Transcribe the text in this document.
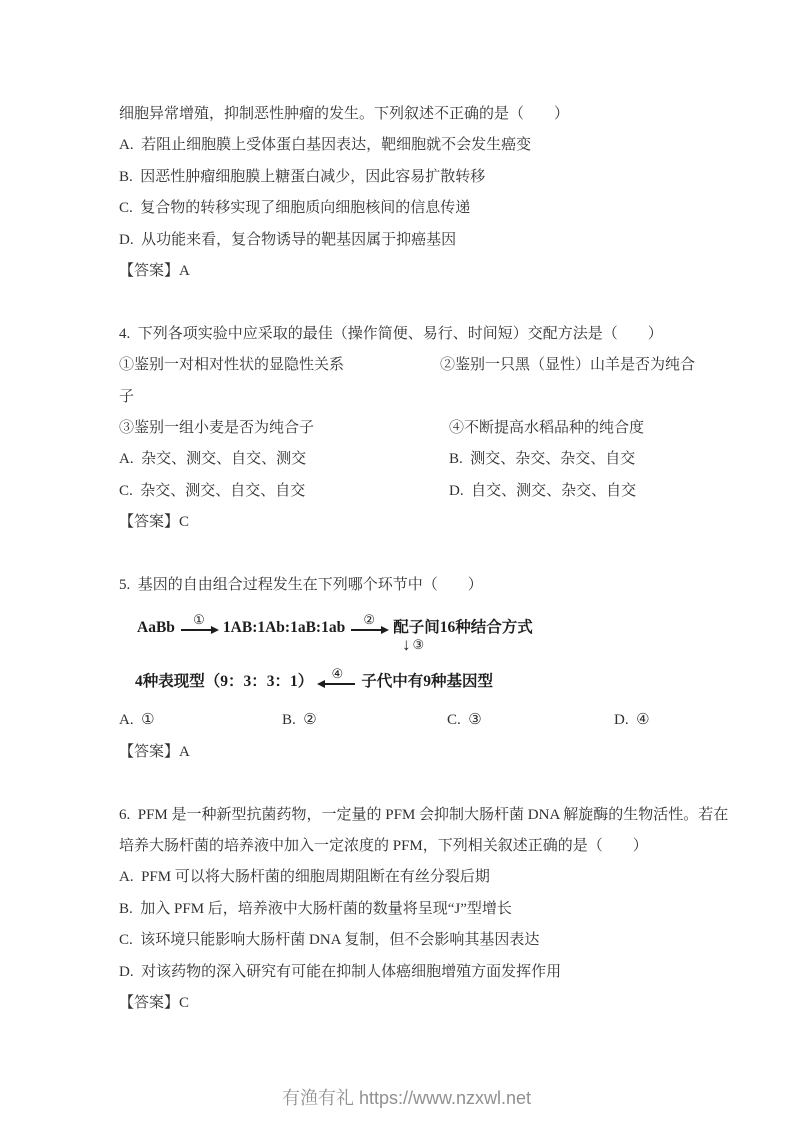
细胞异常增殖，抑制恶性肿瘤的发生。下列叙述不正确的是（　　）

A.  若阻止细胞膜上受体蛋白基因表达，靶细胞就不会发生癌变

B.  因恶性肿瘤细胞膜上糖蛋白减少，因此容易扩散转移

C.  复合物的转移实现了细胞质向细胞核间的信息传递

D.  从功能来看，复合物诱导的靶基因属于抑癌基因

【答案】A

4.  下列各项实验中应采取的最佳（操作简便、易行、时间短）交配方法是（　　）

①鉴别一对相对性状的显隐性关系	②鉴别一只黑（显性）山羊是否为纯合

子

③鉴别一组小麦是否为纯合子	④不断提高水稻品种的纯合度
A.  杂交、测交、自交、测交	B.  测交、杂交、杂交、自交
C.  杂交、测交、自交、自交	D.  自交、测交、杂交、自交

【答案】C

5.  基因的自由组合过程发生在下列哪个环节中（　　）

AaBb ① 1AB:1Ab:1aB:1ab ② 配子间16种结合方式
↓ ③
4种表现型（9：3：3：1） ④ 子代中有9种基因型
A.  ①	B.  ②	C.  ③	D.  ④

【答案】A

6.  PFM 是一种新型抗菌药物，一定量的 PFM 会抑制大肠杆菌 DNA 解旋酶的生物活性。若在

培养大肠杆菌的培养液中加入一定浓度的 PFM，下列相关叙述正确的是（　　）

A.  PFM 可以将大肠杆菌的细胞周期阻断在有丝分裂后期

B.  加入 PFM 后，培养液中大肠杆菌的数量将呈现“J”型增长

C.  该环境只能影响大肠杆菌 DNA 复制，但不会影响其基因表达

D.  对该药物的深入研究有可能在抑制人体癌细胞增殖方面发挥作用

【答案】C

有渔有礼 https://www.nzxwl.net
